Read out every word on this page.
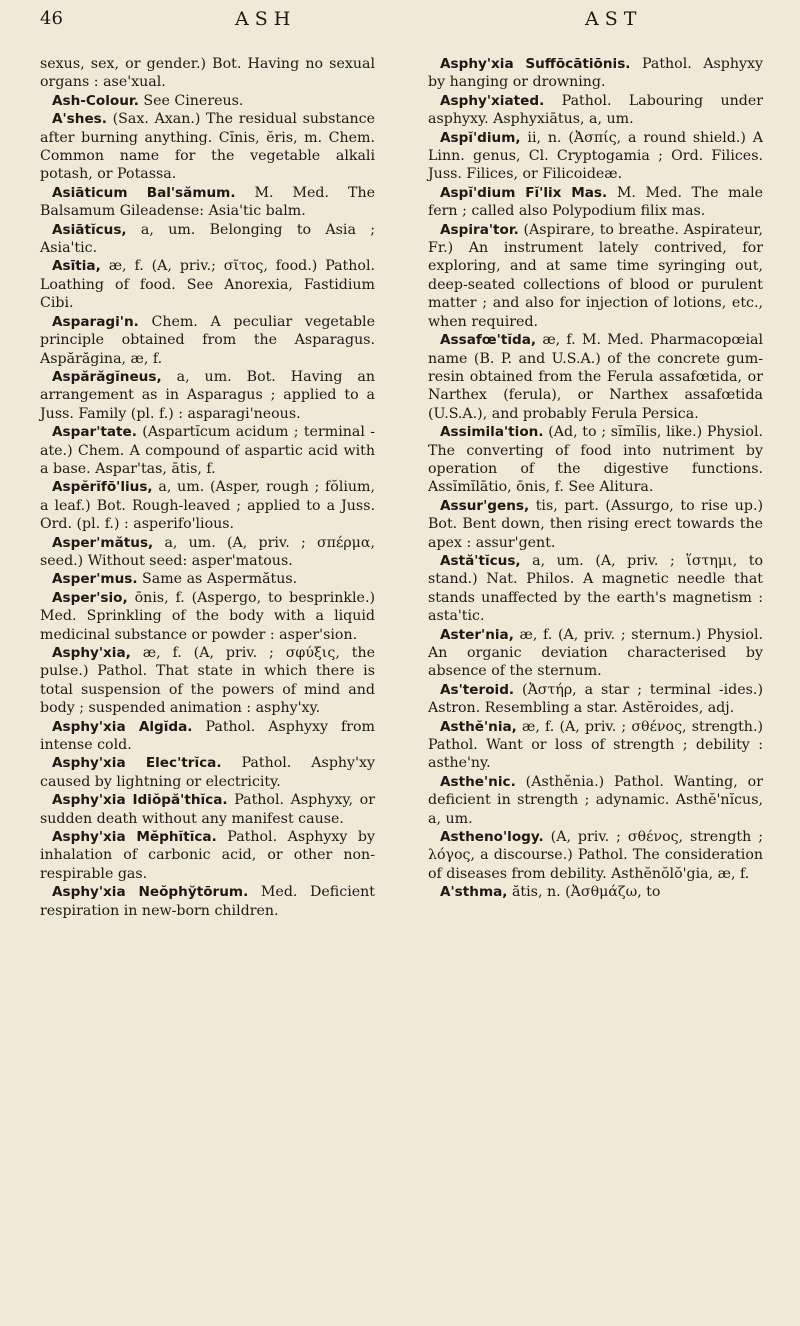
46	ASH	AST

sexus, sex, or gender.) Bot. Having no sexual organs : ase'xual.

Ash-Colour. See Cinereus.

A'shes. (Sax. Axan.) The residual substance after burning anything. Cĭnis, ĕris, m. Chem. Common name for the vegetable alkali potash, or Potassa.

Asiāticum Bal'sămum. M. Med. The Balsamum Gileadense: Asia'tic balm.

Asiātĭcus, a, um. Belonging to Asia ; Asia'tic.

Asītia, æ, f. (A, priv.; σῖτος, food.) Pathol. Loathing of food. See Anorexia, Fastidium Cibi.

Asparagi'n. Chem. A peculiar vegetable principle obtained from the Asparagus. Aspărăgina, æ, f.

Aspărăgĭneus, a, um. Bot. Having an arrangement as in Asparagus ; applied to a Juss. Family (pl. f.) : asparagi'neous.

Aspar'tate. (Aspartĭcum acidum ; terminal -ate.) Chem. A compound of aspartic acid with a base. Aspar'tas, ātis, f.

Aspĕrĭfō'lius, a, um. (Asper, rough ; fŏlium, a leaf.) Bot. Rough-leaved ; applied to a Juss. Ord. (pl. f.) : asperifo'lious.

Asper'mătus, a, um. (A, priv. ; σπέρμα, seed.) Without seed: asper'matous.

Asper'mus. Same as Aspermătus.

Asper'sio, ōnis, f. (Aspergo, to besprinkle.) Med. Sprinkling of the body with a liquid medicinal substance or powder : asper'sion.

Asphy'xia, æ, f. (A, priv. ; σφύξις, the pulse.) Pathol. That state in which there is total suspension of the powers of mind and body ; suspended animation : asphy'xy.

Asphy'xia Algĭda. Pathol. Asphyxy from intense cold.

Asphy'xia Elec'trĭca. Pathol. Asphy'xy caused by lightning or electricity.

Asphy'xia Idiŏpă'thĭca. Pathol. Asphyxy, or sudden death without any manifest cause.

Asphy'xia Mĕphĭtĭca. Pathol. Asphyxy by inhalation of carbonic acid, or other non-respirable gas.

Asphy'xia Neŏphy̆tōrum. Med. Deficient respiration in new-born children.

Asphy'xia Suffōcātiōnis. Pathol. Asphyxy by hanging or drowning.

Asphy'xiated. Pathol. Labouring under asphyxy. Asphyxiātus, a, um.

Aspĭ'dium, ii, n. (Ἀσπίς, a round shield.) A Linn. genus, Cl. Cryptogamia ; Ord. Filices. Juss. Filices, or Filicoideæ.

Aspĭ'dium Fĭ'lix Mas. M. Med. The male fern ; called also Polypodium filix mas.

Aspira'tor. (Aspirare, to breathe. Aspirateur, Fr.) An instrument lately contrived, for exploring, and at same time syringing out, deep-seated collections of blood or purulent matter ; and also for injection of lotions, etc., when required.

Assafœ'tĭda, æ, f. M. Med. Pharmacopœial name (B. P. and U.S.A.) of the concrete gum-resin obtained from the Ferula assafœtida, or Narthex (ferula), or Narthex assafœtida (U.S.A.), and probably Ferula Persica.

Assimila'tion. (Ad, to ; sĭmĭlis, like.) Physiol. The converting of food into nutriment by operation of the digestive functions. Assĭmĭlātio, ōnis, f. See Alitura.

Assur'gens, tis, part. (Assurgo, to rise up.) Bot. Bent down, then rising erect towards the apex : assur'gent.

Astă'tĭcus, a, um. (A, priv. ; ἵστημι, to stand.) Nat. Philos. A magnetic needle that stands unaffected by the earth's magnetism : asta'tic.

Aster'nia, æ, f. (A, priv. ; sternum.) Physiol. An organic deviation characterised by absence of the sternum.

As'teroid. (Ἀστήρ, a star ; terminal -ides.) Astron. Resembling a star. Astĕroides, adj.

Asthĕ'nia, æ, f. (A, priv. ; σθένος, strength.) Pathol. Want or loss of strength ; debility : asthe'ny.

Asthe'nic. (Asthĕnia.) Pathol. Wanting, or deficient in strength ; adynamic. Asthĕ'nĭcus, a, um.

Astheno'logy. (A, priv. ; σθένος, strength ; λόγος, a discourse.) Pathol. The consideration of diseases from debility. Asthĕnŏlŏ'gia, æ, f.

A'sthma, ătis, n. (Ἀσθμάζω, to
